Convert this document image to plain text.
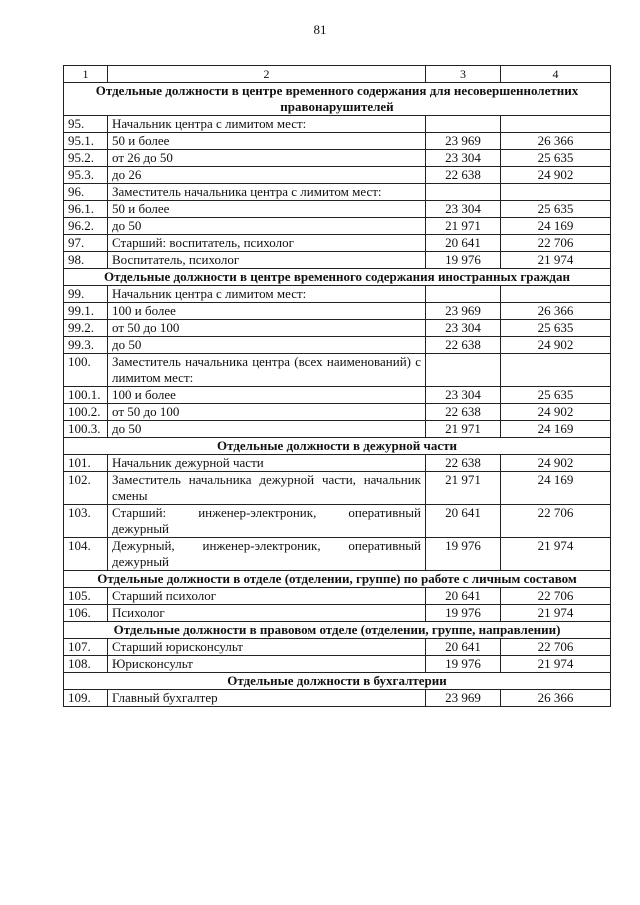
81
1	2	3	4
Отдельные должности в центре временного содержания для несовершеннолетних правонарушителей			
95.	Начальник центра с лимитом мест:		
95.1.	50 и более	23 969	26 366
95.2.	от 26 до 50	23 304	25 635
95.3.	до 26	22 638	24 902
96.	Заместитель начальника центра с лимитом мест:		
96.1.	50 и более	23 304	25 635
96.2.	до 50	21 971	24 169
97.	Старший: воспитатель, психолог	20 641	22 706
98.	Воспитатель, психолог	19 976	21 974
Отдельные должности в центре временного содержания иностранных граждан			
99.	Начальник центра с лимитом мест:		
99.1.	100 и более	23 969	26 366
99.2.	от 50 до 100	23 304	25 635
99.3.	до 50	22 638	24 902
100.	Заместитель начальника центра (всех наименований) с лимитом мест:		
100.1.	100 и более	23 304	25 635
100.2.	от 50 до 100	22 638	24 902
100.3.	до 50	21 971	24 169
Отдельные должности в дежурной части			
101.	Начальник дежурной части	22 638	24 902
102.	Заместитель начальника дежурной части, начальник смены	21 971	24 169
103.	Старший: инженер-электроник, оперативный дежурный	20 641	22 706
104.	Дежурный, инженер-электроник, оперативный дежурный	19 976	21 974
Отдельные должности в отделе (отделении, группе) по работе с личным составом			
105.	Старший психолог	20 641	22 706
106.	Психолог	19 976	21 974
Отдельные должности в правовом отделе (отделении, группе, направлении)			
107.	Старший юрисконсульт	20 641	22 706
108.	Юрисконсульт	19 976	21 974
Отдельные должности в бухгалтерии			
109.	Главный бухгалтер	23 969	26 366
